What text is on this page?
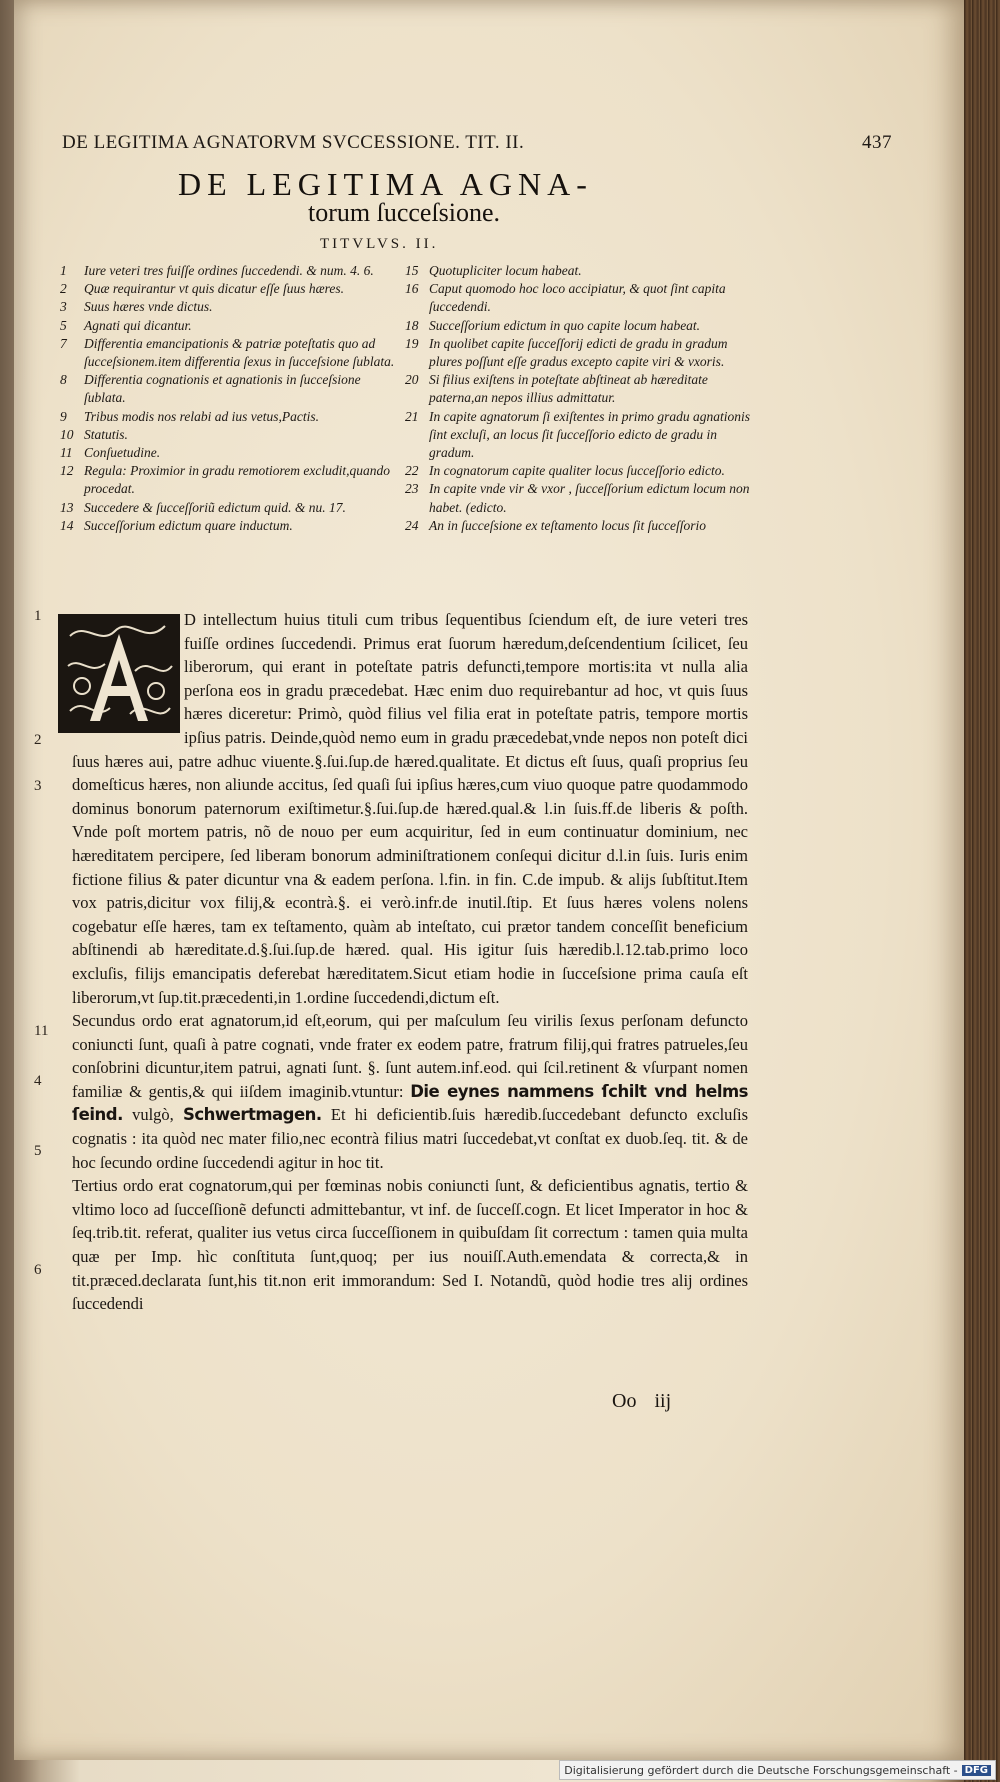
DE LEGITIMA AGNATORVM SVCCESSIONE. TIT. II.	437
DE LEGITIMA AGNA-
torum ſucceſsione.
TITVLVS. II.
1	Iure veteri tres fuiſſe ordines ſuccedendi. & num. 4. 6.
2	Quæ requirantur vt quis dicatur eſſe ſuus hæres.
3	Suus hæres vnde dictus.
5	Agnati qui dicantur.
7	Differentia emancipationis & patriæ poteſtatis quo ad ſucceſsionem.item differentia ſexus in ſucceſsione ſublata.
8	Differentia cognationis et agnationis in ſucceſsione ſublata.
9	Tribus modis nos relabi ad ius vetus,Pactis.
10 Statutis.
11 Conſuetudine.
12 Regula: Proximior in gradu remotiorem excludit,quando procedat.
13 Succedere & ſucceſſoriũ edictum quid. & nu. 17.
14 Succeſſorium edictum quare inductum.
15 Quotupliciter locum habeat.
16 Caput quomodo hoc loco accipiatur, & quot ſint capita ſuccedendi.
18 Succeſſorium edictum in quo capite locum habeat.
19 In quolibet capite ſucceſſorij edicti de gradu in gradum plures poſſunt eſſe gradus excepto capite viri & vxoris.
20 Si filius exiſtens in poteſtate abſtineat ab hæreditate paterna,an nepos illius admittatur.
21 In capite agnatorum ſi exiſtentes in primo gradu agnationis ſint excluſi, an locus ſit ſucceſſorio edicto de gradu in gradum.
22 In cognatorum capite qualiter locus ſucceſſorio edicto.
23 In capite vnde vir & vxor , ſucceſſorium edictum locum non habet. (edicto.
24 An in ſucceſsione ex teſtamento locus ſit ſucceſſorio
1
2
3
11
4
5
6

D intellectum huius tituli cum tribus ſequentibus ſciendum eſt, de iure veteri tres fuiſſe ordines ſuccedendi. Primus erat ſuorum hæredum,deſcendentium ſcilicet, ſeu liberorum, qui erant in poteſtate patris defuncti,tempore mortis:ita vt nulla alia perſona eos in gradu præcedebat. Hæc enim duo requirebantur ad hoc, vt quis ſuus hæres diceretur: Primò, quòd filius vel filia erat in poteſtate patris, tempore mortis ipſius patris. Deinde,quòd nemo eum in gradu præcedebat,vnde nepos non poteſt dici ſuus hæres aui, patre adhuc viuente.§.ſui.ſup.de hæred.qualitate. Et dictus eſt ſuus, quaſi proprius ſeu domeſticus hæres, non aliunde accitus, ſed quaſi ſui ipſius hæres,cum viuo quoque patre quodammodo dominus bonorum paternorum exiſtimetur.§.ſui.ſup.de hæred.qual.& l.in ſuis.ff.de liberis & poſth. Vnde poſt mortem patris, nõ de nouo per eum acquiritur, ſed in eum continuatur dominium, nec hæreditatem percipere, ſed liberam bonorum adminiſtrationem conſequi dicitur d.l.in ſuis. Iuris enim fictione filius & pater dicuntur vna & eadem perſona. l.fin. in fin. C.de impub. & alijs ſubſtitut.Item vox patris,dicitur vox filij,& econtrà.§. ei verò.infr.de inutil.ſtip. Et ſuus hæres volens nolens cogebatur eſſe hæres, tam ex teſtamento, quàm ab inteſtato, cui prætor tandem conceſſit beneficium abſtinendi ab hæreditate.d.§.ſui.ſup.de hæred. qual. His igitur ſuis hæredib.l.12.tab.primo loco excluſis, filijs emancipatis deferebat hæreditatem.Sicut etiam hodie in ſucceſsione prima cauſa eſt liberorum,vt ſup.tit.præcedenti,in 1.ordine ſuccedendi,dictum eſt.

Secundus ordo erat agnatorum,id eſt,eorum, qui per maſculum ſeu virilis ſexus perſonam defuncto coniuncti ſunt, quaſi à patre cognati, vnde frater ex eodem patre, fratrum filij,qui fratres patrueles,ſeu conſobrini dicuntur,item patrui, agnati ſunt. §. ſunt autem.inf.eod. qui ſcil.retinent & vſurpant nomen familiæ & gentis,& qui iiſdem imaginib.vtuntur: Die eynes nammens ſchilt vnd helms ſeind. vulgò, Schwertmagen. Et hi deficientib.ſuis hæredib.ſuccedebant defuncto excluſis cognatis : ita quòd nec mater filio,nec econtrà filius matri ſuccedebat,vt conſtat ex duob.ſeq. tit. & de hoc ſecundo ordine ſuccedendi agitur in hoc tit.

Tertius ordo erat cognatorum,qui per fœminas nobis coniuncti ſunt, & deficientibus agnatis, tertio & vltimo loco ad ſucceſſionẽ defuncti admittebantur, vt inf. de ſucceſſ.cogn. Et licet Imperator in hoc & ſeq.trib.tit. referat, qualiter ius vetus circa ſucceſſionem in quibuſdam ſit correctum : tamen quia multa quæ per Imp. hìc conſtituta ſunt,quoq; per ius nouiſſ.Auth.emendata & correcta,& in tit.præced.declarata ſunt,his tit.non erit immorandum: Sed I. Notandũ, quòd hodie tres alij ordines ſuccedendi

Oo iij
Digitalisierung gefördert durch die Deutsche Forschungsgemeinschaft - DFG
